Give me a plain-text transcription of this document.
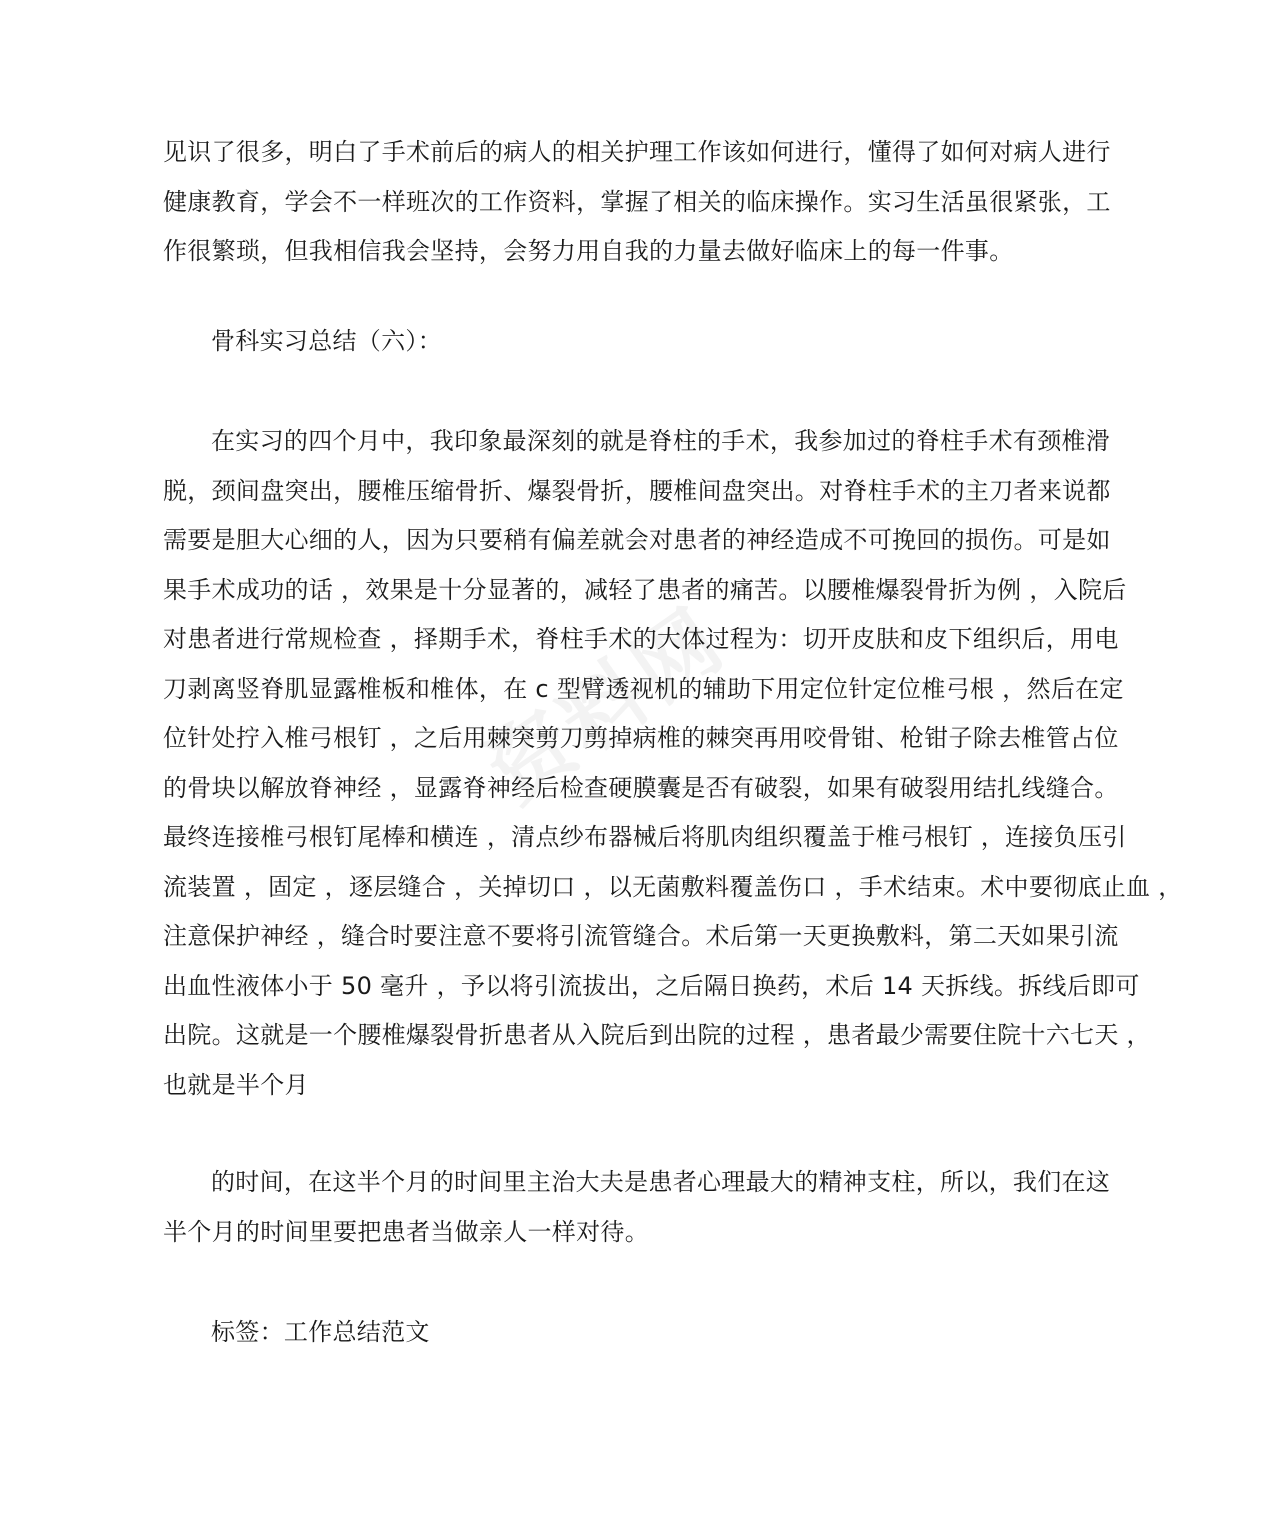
资料网
见识了很多，明白了手术前后的病人的相关护理工作该如何进行，懂得了如何对病人进行
健康教育，学会不一样班次的工作资料，掌握了相关的临床操作。实习生活虽很紧张，工
作很繁琐，但我相信我会坚持，会努力用自我的力量去做好临床上的每一件事。
骨科实习总结（六）：
在实习的四个月中，我印象最深刻的就是脊柱的手术，我参加过的脊柱手术有颈椎滑
脱，颈间盘突出，腰椎压缩骨折、爆裂骨折，腰椎间盘突出。对脊柱手术的主刀者来说都
需要是胆大心细的人，因为只要稍有偏差就会对患者的神经造成不可挽回的损伤。可是如
果手术成功的话 ，效果是十分显著的，减轻了患者的痛苦。以腰椎爆裂骨折为例 ，入院后
对患者进行常规检查 ，择期手术，脊柱手术的大体过程为：切开皮肤和皮下组织后，用电
刀剥离竖脊肌显露椎板和椎体，在 c 型臂透视机的辅助下用定位针定位椎弓根 ，然后在定
位针处拧入椎弓根钉 ，之后用棘突剪刀剪掉病椎的棘突再用咬骨钳、枪钳子除去椎管占位
的骨块以解放脊神经 ，显露脊神经后检查硬膜囊是否有破裂，如果有破裂用结扎线缝合。
最终连接椎弓根钉尾棒和横连 ，清点纱布器械后将肌肉组织覆盖于椎弓根钉 ，连接负压引
流装置 ，固定 ，逐层缝合 ，关掉切口 ，以无菌敷料覆盖伤口 ，手术结束。术中要彻底止血 ，
注意保护神经 ，缝合时要注意不要将引流管缝合。术后第一天更换敷料，第二天如果引流
出血性液体小于 50 毫升 ，予以将引流拔出，之后隔日换药，术后 14 天拆线。拆线后即可
出院。这就是一个腰椎爆裂骨折患者从入院后到出院的过程 ，患者最少需要住院十六七天 ，
也就是半个月
的时间，在这半个月的时间里主治大夫是患者心理最大的精神支柱，所以，我们在这
半个月的时间里要把患者当做亲人一样对待。
标签：工作总结范文
